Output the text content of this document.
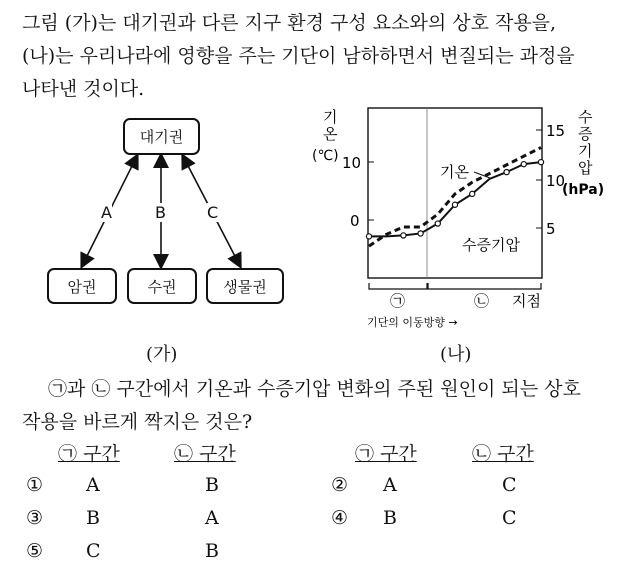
그림 (가)는 대기권과 다른 지구 환경 구성 요소와의 상호 작용을,
(나)는 우리나라에 영향을 주는 기단이 남하하면서 변질되는 과정을
나타낸 것이다.
대기권
암권	수권	생물권
A	B	C
(가)
10
0
15
10
5
기
온
(℃)
수
증
기
압
(hPa)
기온
수증기압
㉠	㉡ 지점
기단의 이동방향 →
(나)
㉠과 ㉡ 구간에서 기온과 수증기압 변화의 주된 원인이 되는 상호
작용을 바르게 짝지은 것은?
㉠ 구간	㉡ 구간	㉠ 구간	㉡ 구간
① A	B	② A	C
③ B	A	④ B	C
⑤ C	B
